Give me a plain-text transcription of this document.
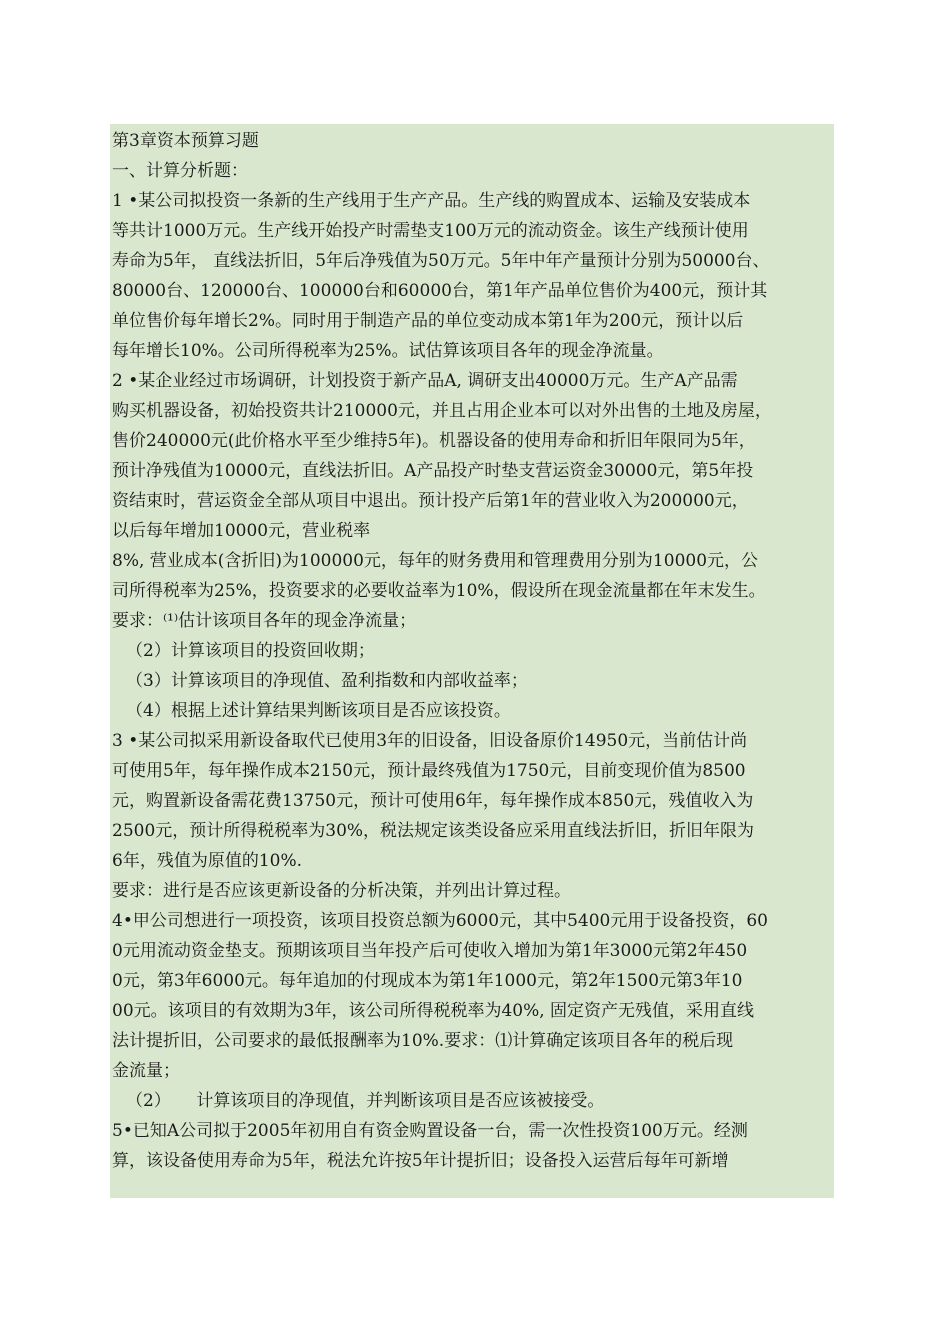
第3章资本预算习题
一、计算分析题：
1 •某公司拟投资一条新的生产线用于生产产品。生产线的购置成本、运输及安装成本
等共计1000万元。生产线开始投产时需垫支100万元的流动资金。该生产线预计使用
寿命为5年， 直线法折旧，5年后净残值为50万元。5年中年产量预计分别为50000台、
80000台、120000台、100000台和60000台，第1年产品单位售价为400元，预计其
单位售价每年增长2%。同时用于制造产品的单位变动成本第1年为200元，预计以后
每年增长10%。公司所得税率为25%。试估算该项目各年的现金净流量。
2 •某企业经过市场调研，计划投资于新产品A, 调研支出40000万元。生产A产品需
购买机器设备，初始投资共计210000元，并且占用企业本可以对外出售的土地及房屋，
售价240000元(此价格水平至少维持5年)。机器设备的使用寿命和折旧年限同为5年，
预计净残值为10000元，直线法折旧。A产品投产时垫支营运资金30000元，第5年投
资结束时，营运资金全部从项目中退出。预计投产后第1年的营业收入为200000元，
以后每年增加10000元，营业税率
8%, 营业成本(含折旧)为100000元，每年的财务费用和管理费用分别为10000元，公
司所得税率为25%，投资要求的必要收益率为10%，假设所在现金流量都在年末发生。
要求：⁽¹⁾估计该项目各年的现金净流量；
（2）计算该项目的投资回收期；
（3）计算该项目的净现值、盈利指数和内部收益率；
（4）根据上述计算结果判断该项目是否应该投资。
3 •某公司拟采用新设备取代已使用3年的旧设备，旧设备原价14950元，当前估计尚
可使用5年，每年操作成本2150元，预计最终残值为1750元，目前变现价值为8500
元，购置新设备需花费13750元，预计可使用6年，每年操作成本850元，残值收入为
2500元，预计所得税税率为30%，税法规定该类设备应采用直线法折旧，折旧年限为
6年，残值为原值的10%.
要求：进行是否应该更新设备的分析决策，并列出计算过程。
4•甲公司想进行一项投资，该项目投资总额为6000元，其中5400元用于设备投资，60
0元用流动资金垫支。预期该项目当年投产后可使收入增加为第1年3000元第2年450
0元，第3年6000元。每年追加的付现成本为第1年1000元，第2年1500元第3年10
00元。该项目的有效期为3年，该公司所得税税率为40%, 固定资产无残值，采用直线
法计提折旧，公司要求的最低报酬率为10%.要求：⑴计算确定该项目各年的税后现
金流量；
（2）　　计算该项目的净现值，并判断该项目是否应该被接受。
5•已知A公司拟于2005年初用自有资金购置设备一台，需一次性投资100万元。经测
算，该设备使用寿命为5年，税法允许按5年计提折旧；设备投入运营后每年可新增
